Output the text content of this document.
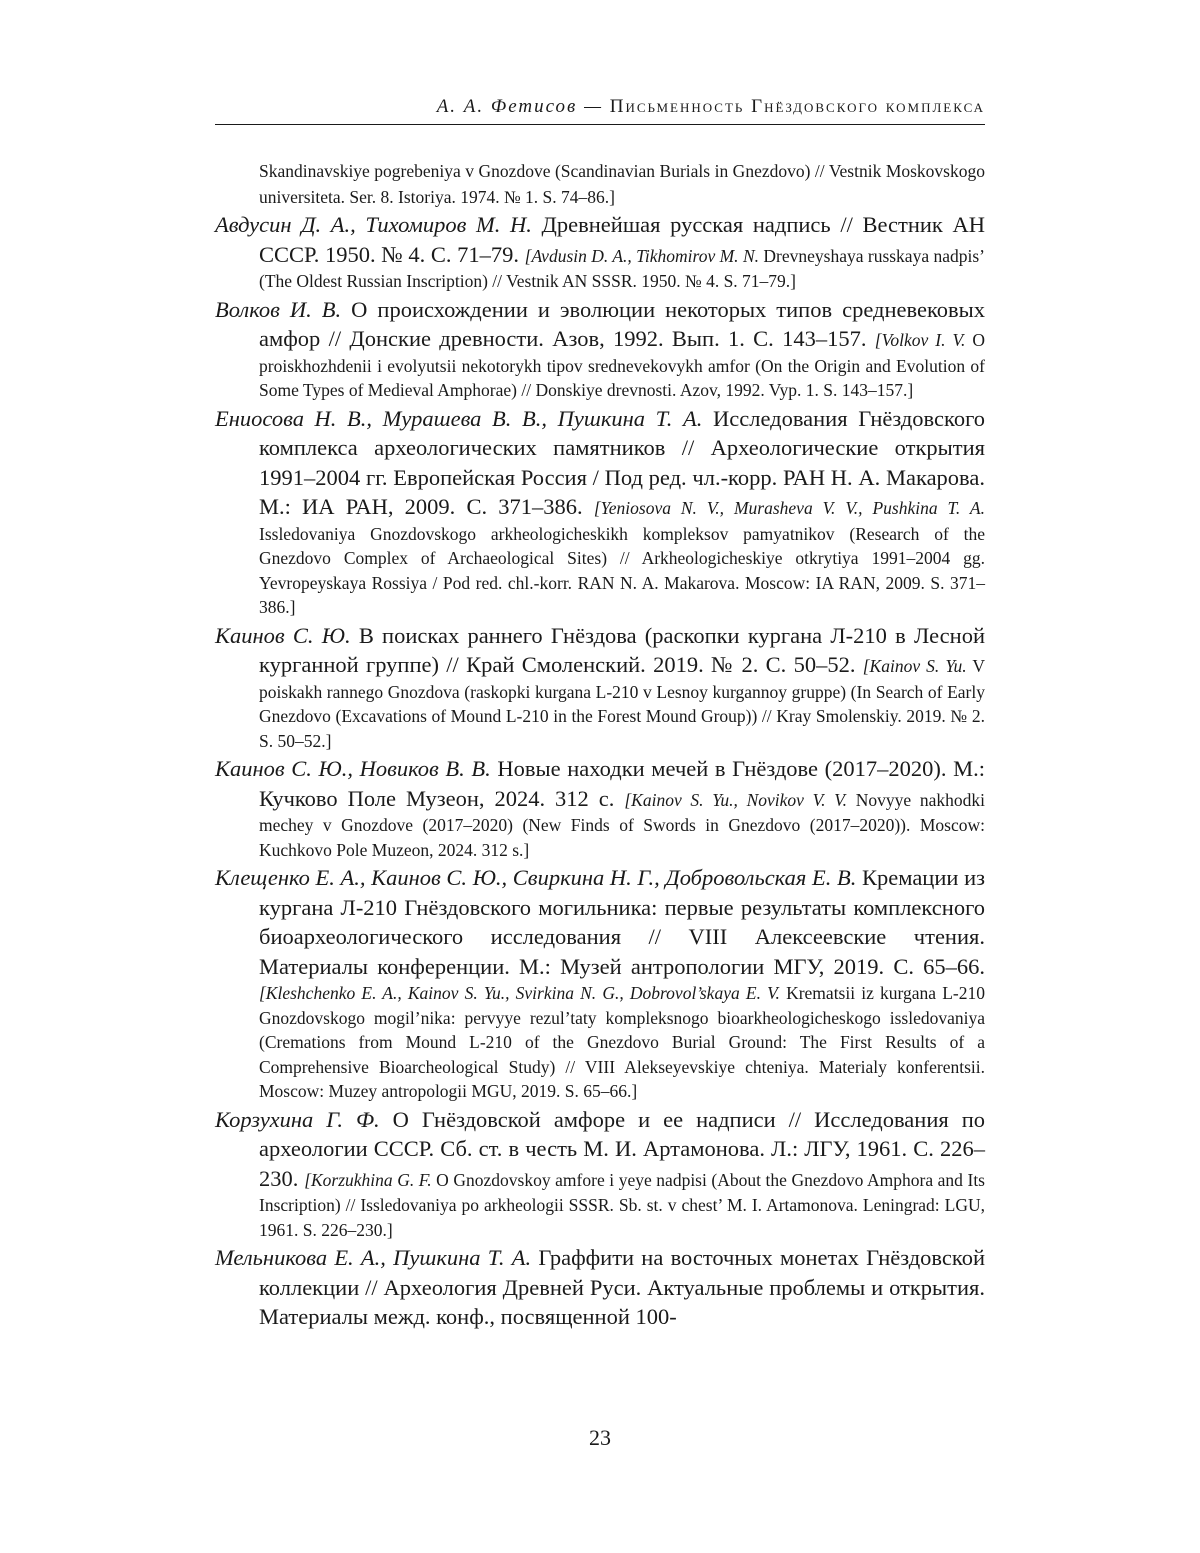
А. А. Фетисов — Письменность Гнёздовского комплекса

Skandinavskiye pogrebeniya v Gnozdove (Scandinavian Burials in Gnezdovo) // Vestnik Moskovskogo universiteta. Ser. 8. Istoriya. 1974. № 1. S. 74–86.]

Авдусин Д. А., Тихомиров М. Н. Древнейшая русская надпись // Вестник АН СССР. 1950. № 4. С. 71–79. [Avdusin D. A., Tikhomirov M. N. Drevneyshaya russkaya nadpis’ (The Oldest Russian Inscription) // Vestnik AN SSSR. 1950. № 4. S. 71–79.]

Волков И. В. О происхождении и эволюции некоторых типов средневековых амфор // Донские древности. Азов, 1992. Вып. 1. С. 143–157. [Volkov I. V. O proiskhozhdenii i evolyutsii nekotorykh tipov srednevekovykh amfor (On the Origin and Evolution of Some Types of Medieval Amphorae) // Donskiye drevnosti. Azov, 1992. Vyp. 1. S. 143–157.]

Ениосова Н. В., Мурашева В. В., Пушкина Т. А. Исследования Гнёздовского комплекса археологических памятников // Археологические открытия 1991–2004 гг. Европейская Россия / Под ред. чл.-корр. РАН Н. А. Макарова. М.: ИА РАН, 2009. С. 371–386. [Yeniosova N. V., Murasheva V. V., Pushkina T. A. Issledovaniya Gnozdovskogo arkheologicheskikh kompleksov pamyatnikov (Research of the Gnezdovo Complex of Archaeological Sites) // Arkheologicheskiye otkrytiya 1991–2004 gg. Yevropeyskaya Rossiya / Pod red. chl.-korr. RAN N. A. Makarova. Moscow: IA RAN, 2009. S. 371–386.]

Каинов С. Ю. В поисках раннего Гнёздова (раскопки кургана Л-210 в Лесной курганной группе) // Край Смоленский. 2019. № 2. С. 50–52. [Kainov S. Yu. V poiskakh rannego Gnozdova (raskopki kurgana L-210 v Lesnoy kurgannoy gruppe) (In Search of Early Gnezdovo (Excavations of Mound L-210 in the Forest Mound Group)) // Kray Smolenskiy. 2019. № 2. S. 50–52.]

Каинов С. Ю., Новиков В. В. Новые находки мечей в Гнёздове (2017–2020). М.: Кучково Поле Музеон, 2024. 312 с. [Kainov S. Yu., Novikov V. V. Novyye nakhodki mechey v Gnozdove (2017–2020) (New Finds of Swords in Gnezdovo (2017–2020)). Moscow: Kuchkovo Pole Muzeon, 2024. 312 s.]

Клещенко Е. А., Каинов С. Ю., Свиркина Н. Г., Добровольская Е. В. Кремации из кургана Л-210 Гнёздовского могильника: первые результаты комплексного биоархеологического исследования // VIII Алексеевские чтения. Материалы конференции. М.: Музей антропологии МГУ, 2019. С. 65–66. [Kleshchenko E. A., Kainov S. Yu., Svirkina N. G., Dobrovol’skaya E. V. Krematsii iz kurgana L-210 Gnozdovskogo mogil’nika: pervyye rezul’taty kompleksnogo bioarkheologicheskogo issledovaniya (Cremations from Mound L-210 of the Gnezdovo Burial Ground: The First Results of a Comprehensive Bioarcheological Study) // VIII Alekseyevskiye chteniya. Materialy konferentsii. Moscow: Muzey antropologii MGU, 2019. S. 65–66.]

Корзухина Г. Ф. О Гнёздовской амфоре и ее надписи // Исследования по археологии СССР. Сб. ст. в честь М. И. Артамонова. Л.: ЛГУ, 1961. С. 226–230. [Korzukhina G. F. O Gnozdovskoy amfore i yeye nadpisi (About the Gnezdovo Amphora and Its Inscription) // Issledovaniya po arkheologii SSSR. Sb. st. v chest’ M. I. Artamonova. Leningrad: LGU, 1961. S. 226–230.]

Мельникова Е. А., Пушкина Т. А. Граффити на восточных монетах Гнёздовской коллекции // Археология Древней Руси. Актуальные проблемы и открытия. Материалы межд. конф., посвященной 100-

23
